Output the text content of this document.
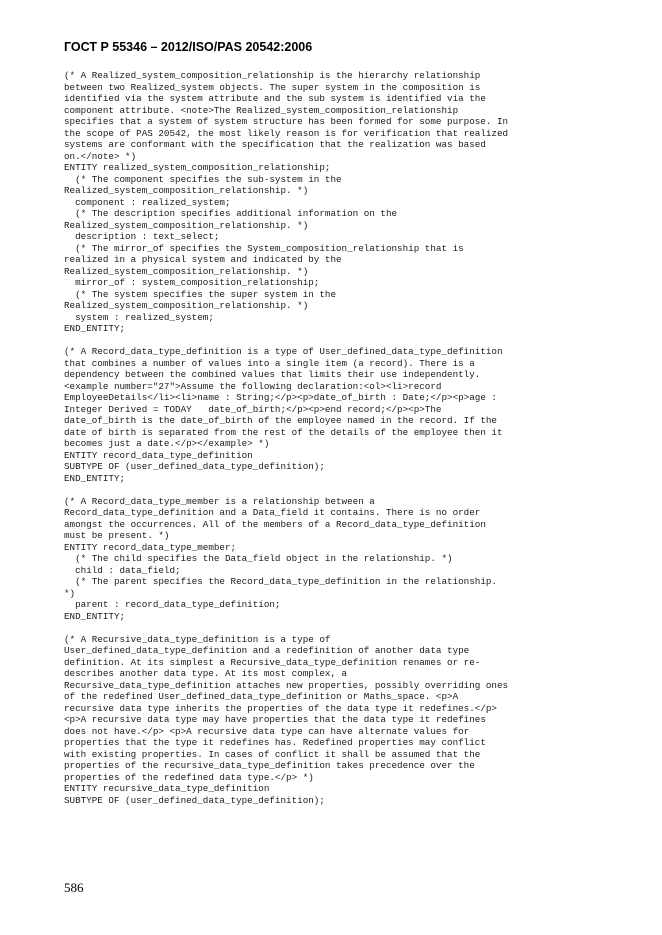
ГОСТ Р 55346 – 2012/ISO/PAS 20542:2006
(* A Realized_system_composition_relationship is the hierarchy relationship
between two Realized_system objects. The super system in the composition is
identified via the system attribute and the sub system is identified via the
component attribute. <note>The Realized_system_composition_relationship
specifies that a system of system structure has been formed for some purpose. In
the scope of PAS 20542, the most likely reason is for verification that realized
systems are conformant with the specification that the realization was based
on.</note> *)
ENTITY realized_system_composition_relationship;
(* The component specifies the sub-system in the
Realized_system_composition_relationship. *)
component : realized_system;
(* The description specifies additional information on the
Realized_system_composition_relationship. *)
description : text_select;
(* The mirror_of specifies the System_composition_relationship that is
realized in a physical system and indicated by the
Realized_system_composition_relationship. *)
mirror_of : system_composition_relationship;
(* The system specifies the super system in the
Realized_system_composition_relationship. *)
system : realized_system;
END_ENTITY;
(* A Record_data_type_definition is a type of User_defined_data_type_definition
that combines a number of values into a single item (a record). There is a
dependency between the combined values that limits their use independently.
<example number="27">Assume the following declaration:<ol><li>record
EmployeeDetails</li><li>name : String;</p><p>date_of_birth : Date;</p><p>age :
Integer Derived = TODAY   date_of_birth;</p><p>end record;</p><p>The
date_of_birth is the date_of_birth of the employee named in the record. If the
date of birth is separated from the rest of the details of the employee then it
becomes just a date.</p></example> *)
ENTITY record_data_type_definition
SUBTYPE OF (user_defined_data_type_definition);
END_ENTITY;
(* A Record_data_type_member is a relationship between a
Record_data_type_definition and a Data_field it contains. There is no order
amongst the occurrences. All of the members of a Record_data_type_definition
must be present. *)
ENTITY record_data_type_member;
(* The child specifies the Data_field object in the relationship. *)
child : data_field;
(* The parent specifies the Record_data_type_definition in the relationship.
*)
parent : record_data_type_definition;
END_ENTITY;
(* A Recursive_data_type_definition is a type of
User_defined_data_type_definition and a redefinition of another data type
definition. At its simplest a Recursive_data_type_definition renames or re-
describes another data type. At its most complex, a
Recursive_data_type_definition attaches new properties, possibly overriding ones
of the redefined User_defined_data_type_definition or Maths_space. <p>A
recursive data type inherits the properties of the data type it redefines.</p>
<p>A recursive data type may have properties that the data type it redefines
does not have.</p> <p>A recursive data type can have alternate values for
properties that the type it redefines has. Redefined properties may conflict
with existing properties. In cases of conflict it shall be assumed that the
properties of the recursive_data_type_definition takes precedence over the
properties of the redefined data type.</p> *)
ENTITY recursive_data_type_definition
SUBTYPE OF (user_defined_data_type_definition);
586
